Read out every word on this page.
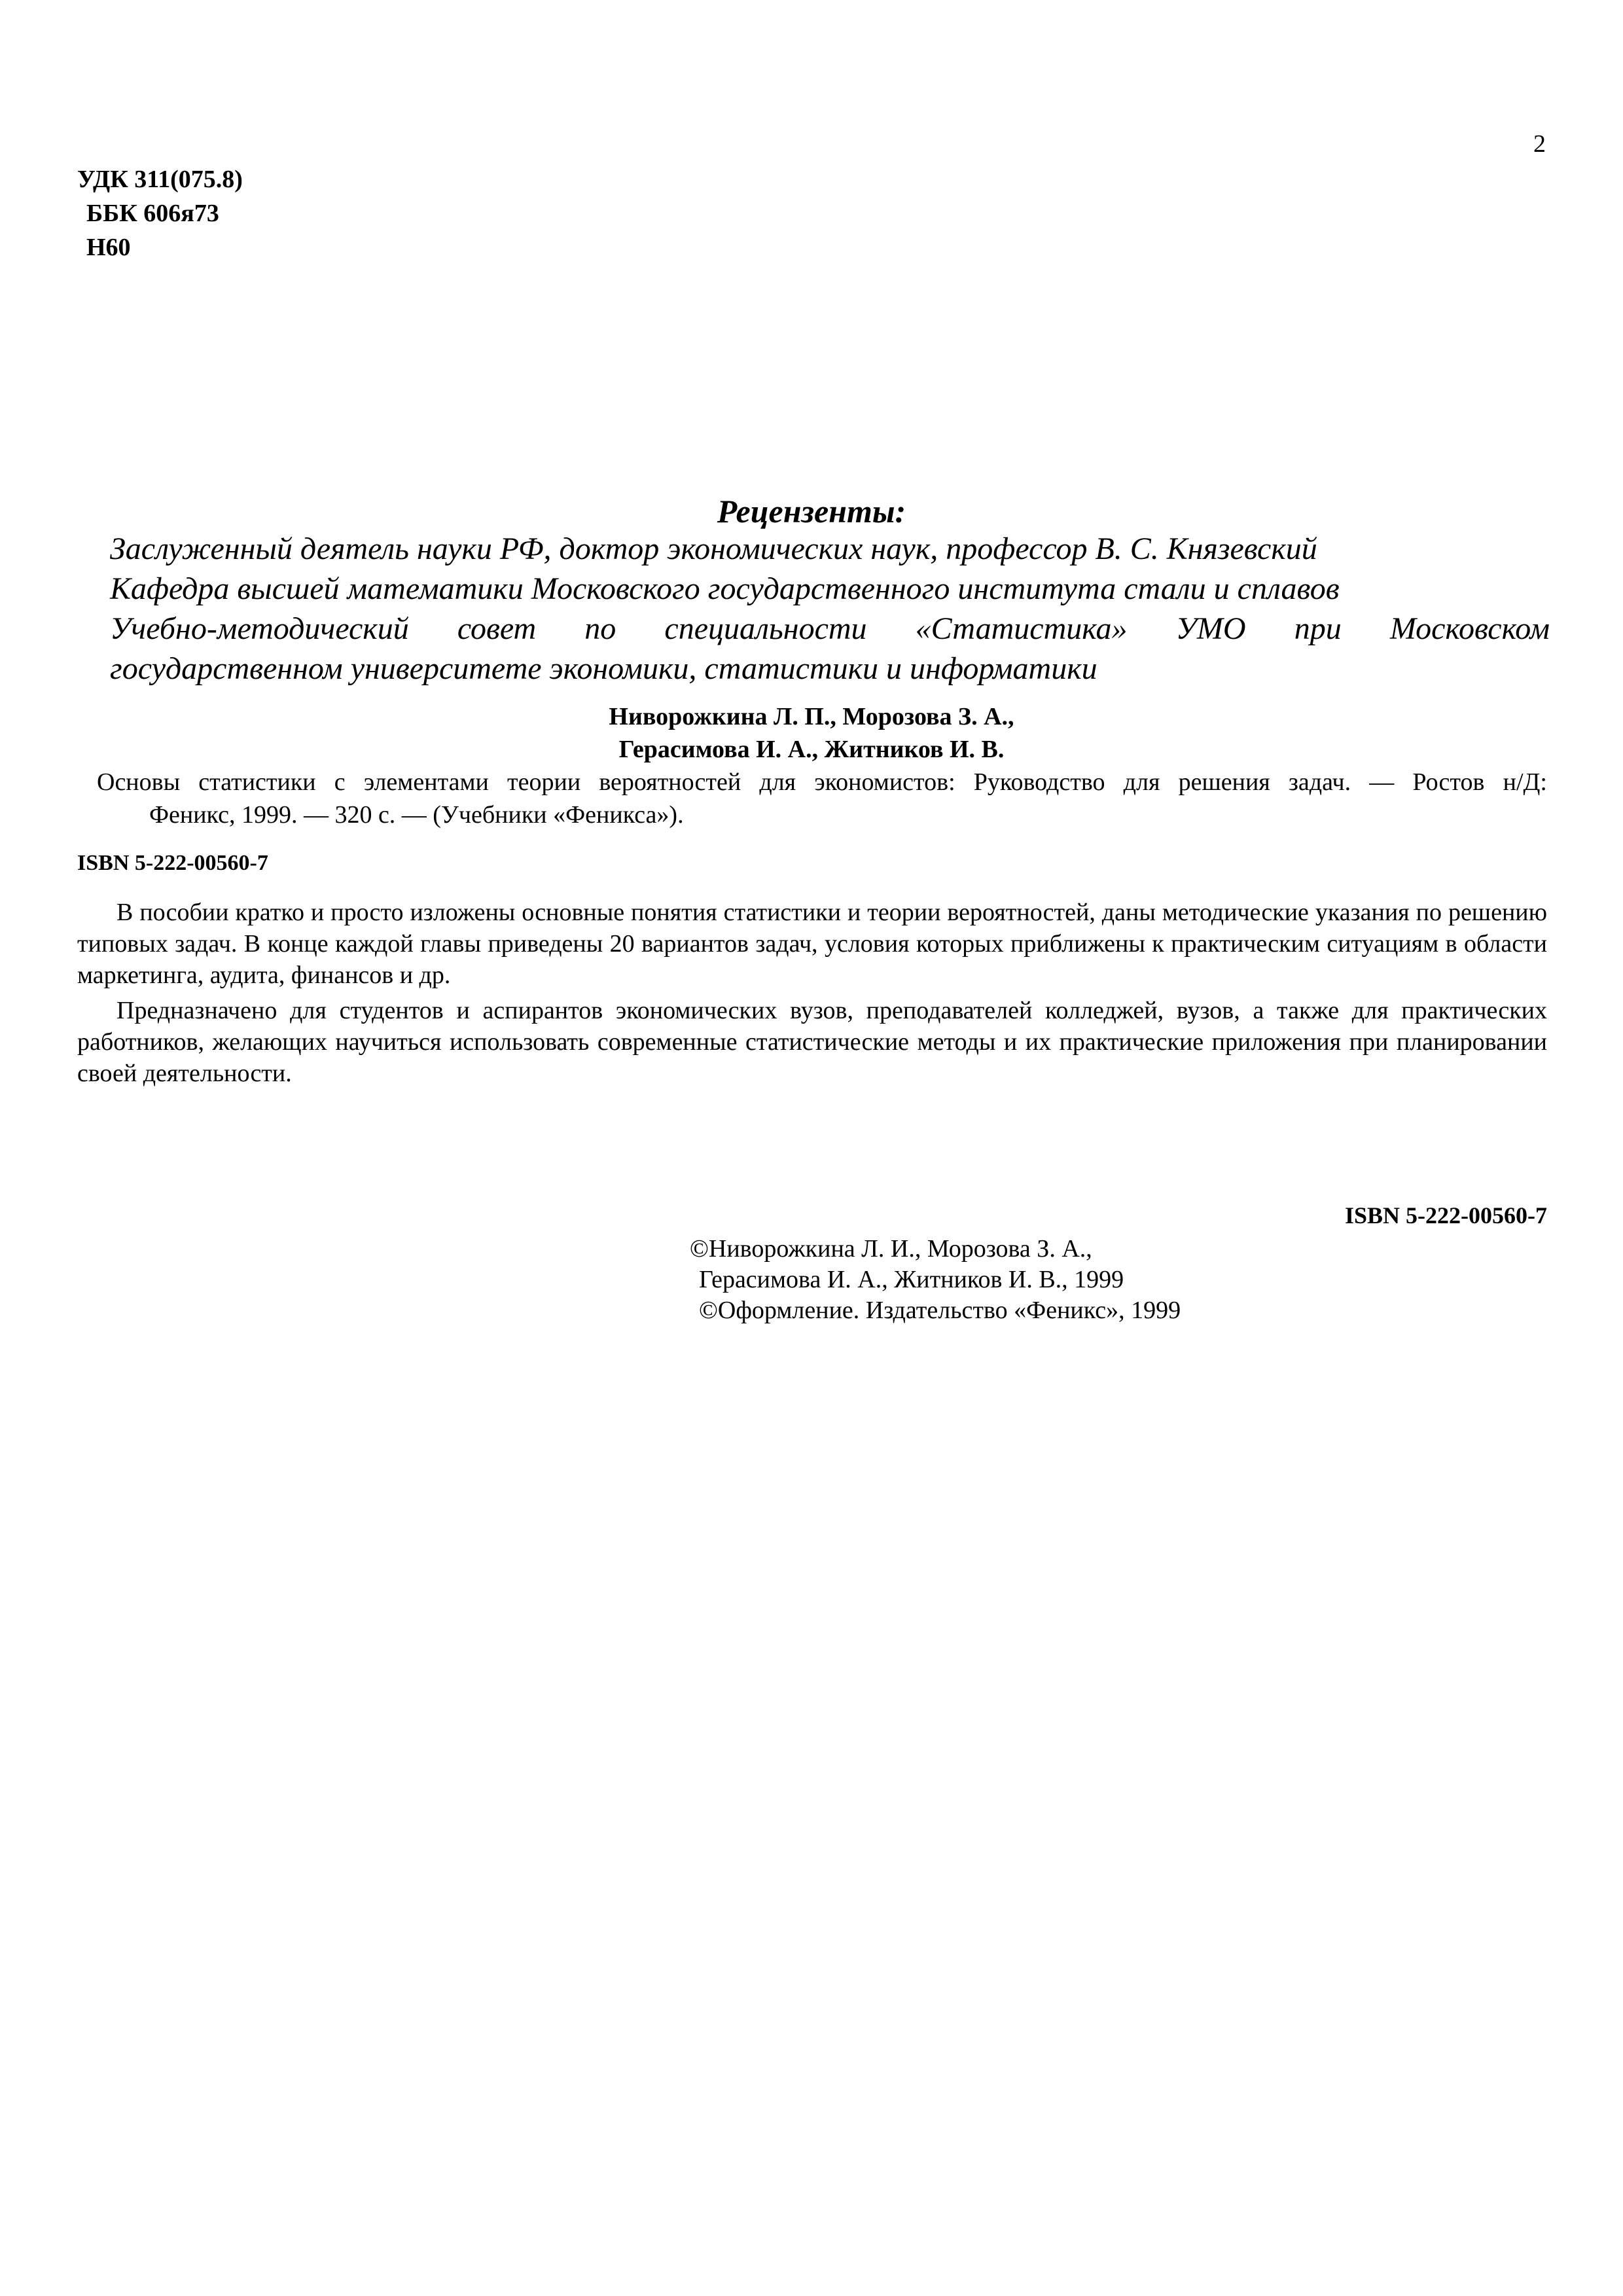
2
УДК 311(075.8)
ББК 606я73
Н60
Рецензенты:
Заслуженный деятель науки РФ, доктор экономических наук, профессор В. С. Князевский
Кафедра высшей математики Московского государственного института стали и сплавов
Учебно-методический совет по специальности «Статистика» УМО при Московском
государственном университете экономики, статистики и информатики
Ниворожкина Л. П., Морозова З. А.,
Герасимова И. А., Житников И. В.
Основы статистики с элементами теории вероятностей для экономистов: Руководство для решения задач. — Ростов н/Д:
Феникс, 1999. — 320 с. — (Учебники «Феникса»).
ISBN 5-222-00560-7

В пособии кратко и просто изложены основные понятия статистики и теории вероятностей, даны методические указания по решению типовых задач. В конце каждой главы приведены 20 вариантов задач, условия которых приближены к практическим ситуациям в области маркетинга, аудита, финансов и др.

Предназначено для студентов и аспирантов экономических вузов, преподавателей колледжей, вузов, а также для практических работников, желающих научиться использовать современные статистические методы и их практические приложения при планировании своей деятельности.

ISBN 5-222-00560-7
©Ниворожкина Л. И., Морозова З. А.,
Герасимова И. А., Житников И. В., 1999
©Оформление. Издательство «Феникс», 1999
